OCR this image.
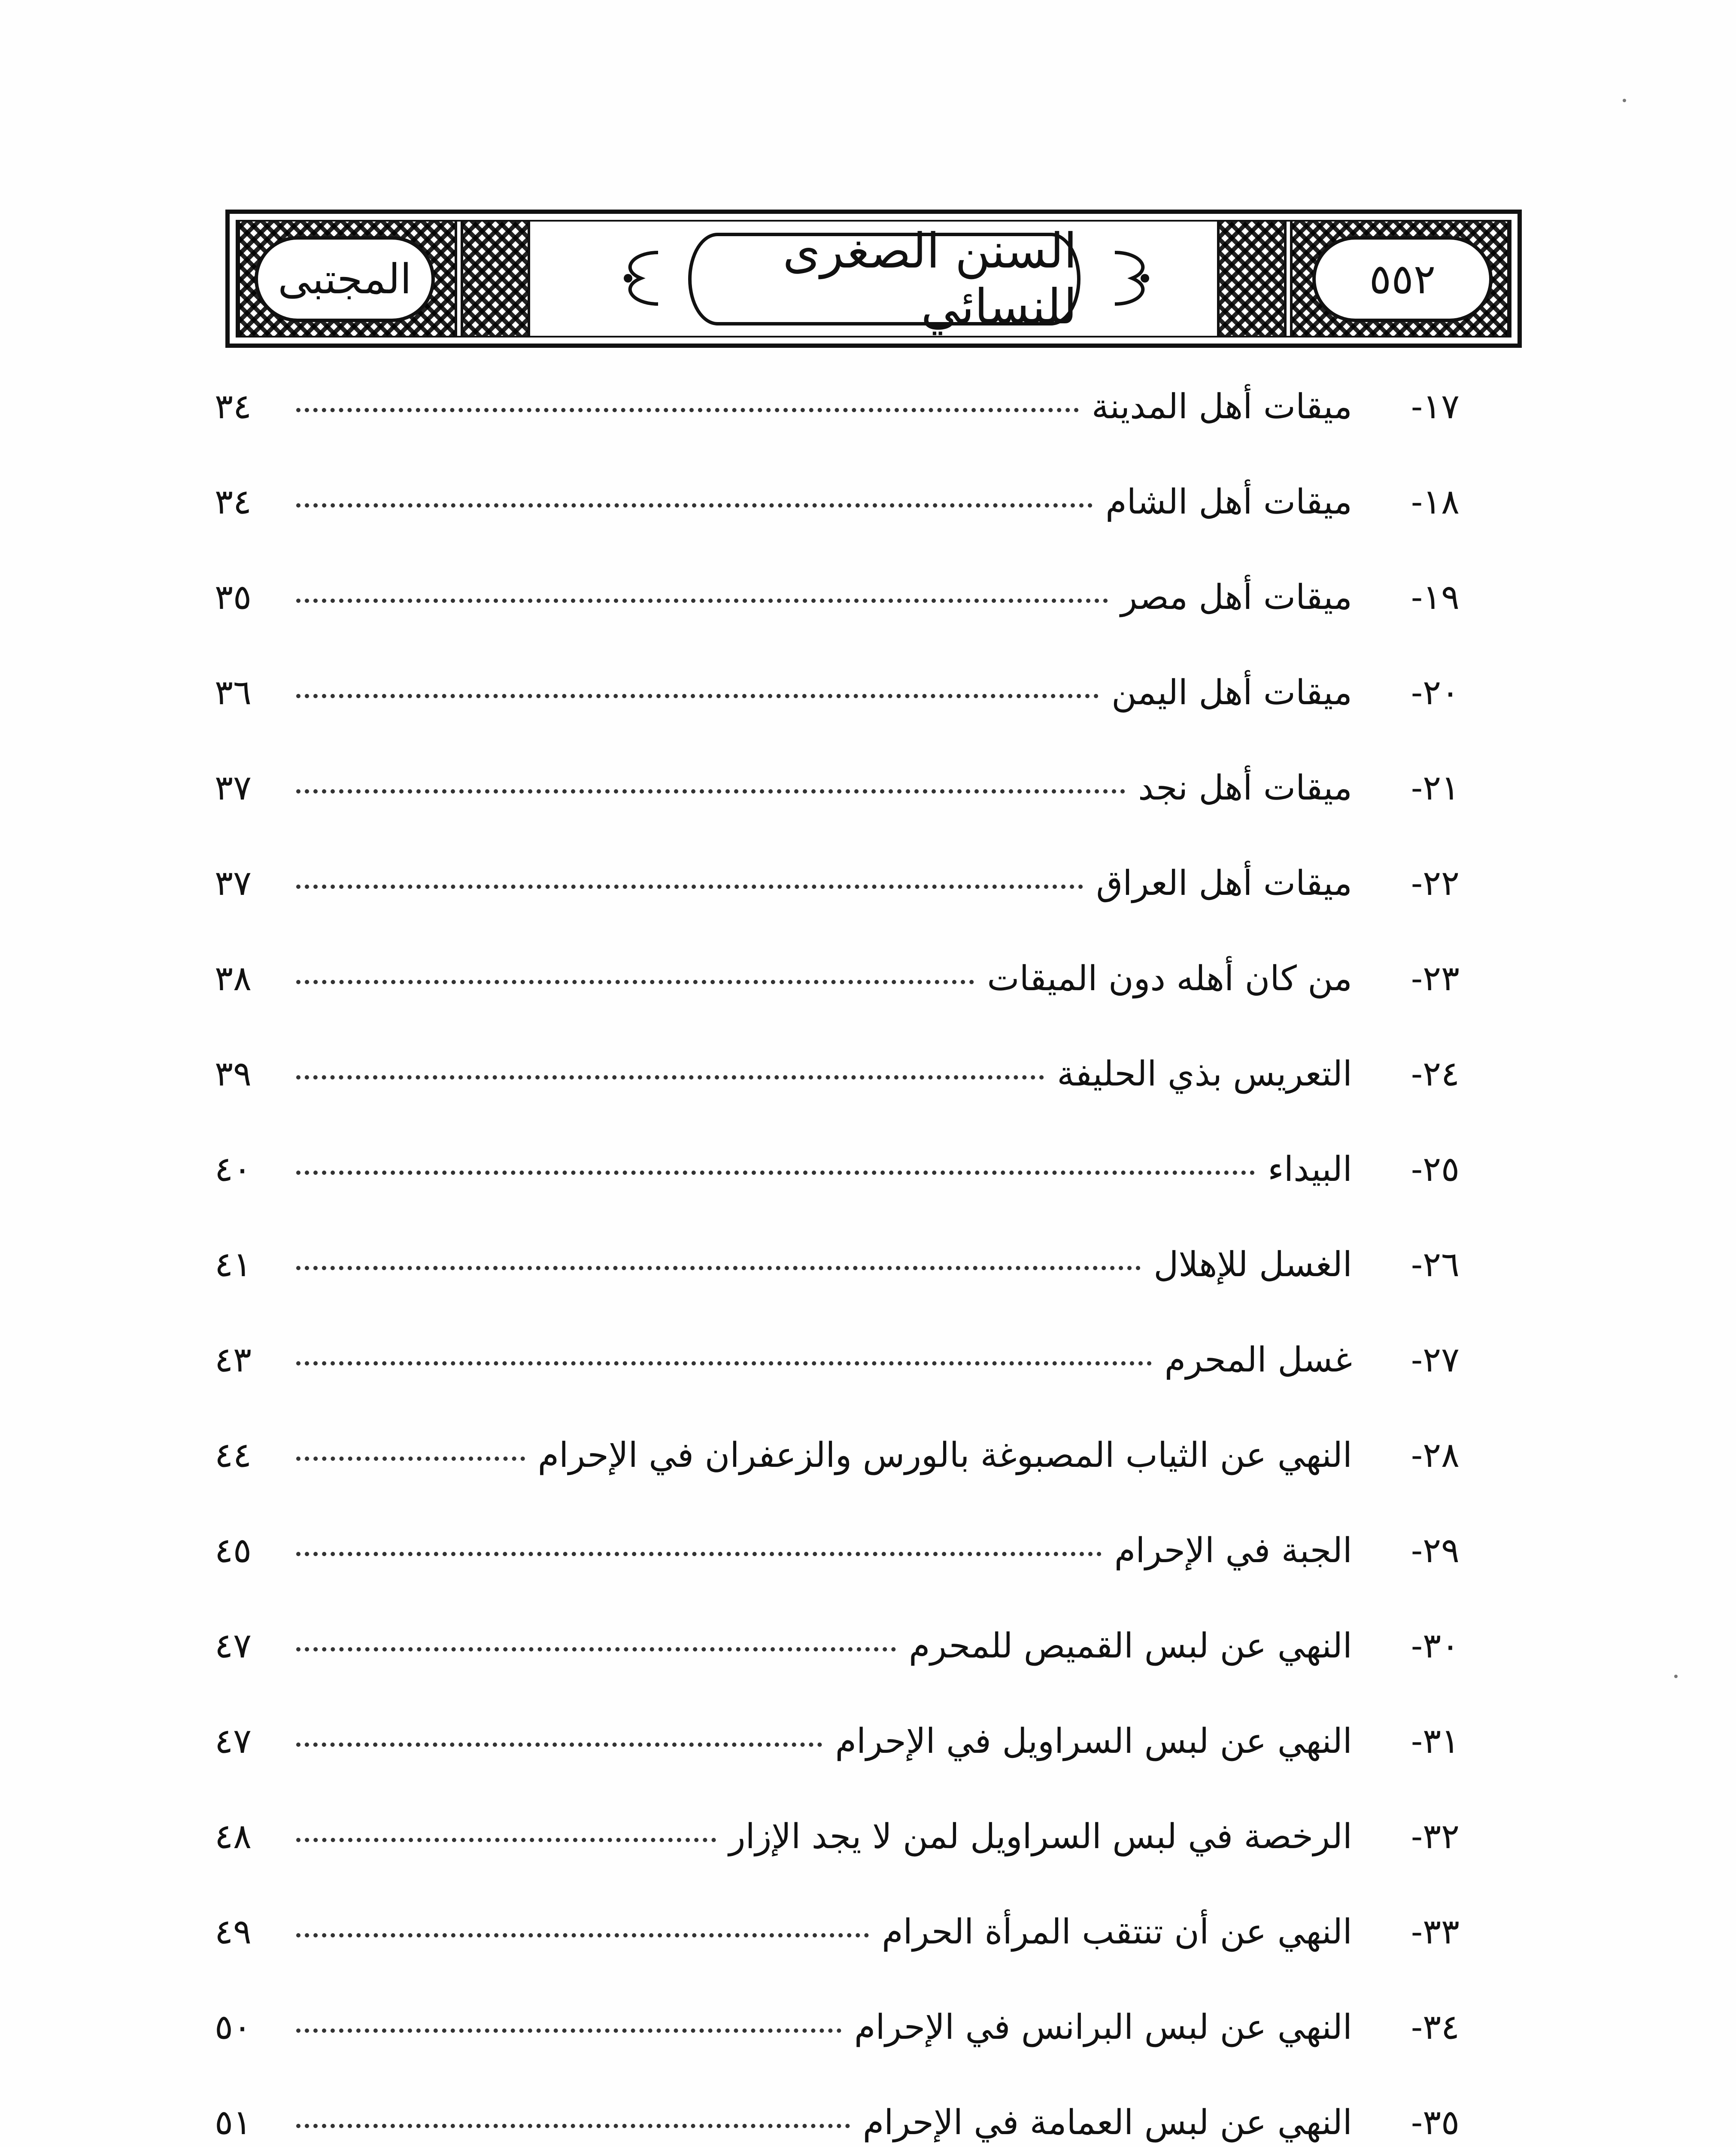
المجتبى	السنن الصغرى للنسائي	٥٥٢
١٧-
ميقات أهل المدينة
٣٤
١٨-
ميقات أهل الشام
٣٤
١٩-
ميقات أهل مصر
٣٥
٢٠-
ميقات أهل اليمن
٣٦
٢١-
ميقات أهل نجد
٣٧
٢٢-
ميقات أهل العراق
٣٧
٢٣-
من كان أهله دون الميقات
٣٨
٢٤-
التعريس بذي الحليفة
٣٩
٢٥-
البيداء
٤٠
٢٦-
الغسل للإهلال
٤١
٢٧-
غسل المحرم
٤٣
٢٨-
النهي عن الثياب المصبوغة بالورس والزعفران في الإحرام
٤٤
٢٩-
الجبة في الإحرام
٤٥
٣٠-
النهي عن لبس القميص للمحرم
٤٧
٣١-
النهي عن لبس السراويل في الإحرام
٤٧
٣٢-
الرخصة في لبس السراويل لمن لا يجد الإزار
٤٨
٣٣-
النهي عن أن تنتقب المرأة الحرام
٤٩
٣٤-
النهي عن لبس البرانس في الإحرام
٥٠
٣٥-
النهي عن لبس العمامة في الإحرام
٥١
